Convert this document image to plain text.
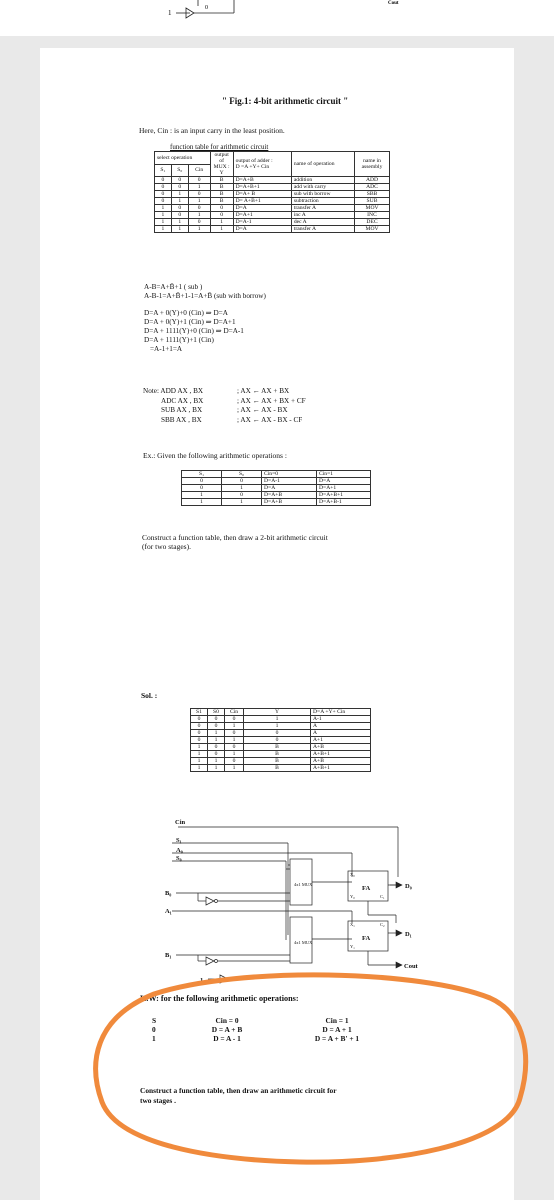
1
0
Cout
" Fig.1: 4-bit arithmetic circuit "
Here, Cin : is an input carry in the least position.
function table for arithmetic circuit
select operation			output of MUX : Y	output of adder :
D =A +Y+ Cin	name of operation	name in assembly
S₁	S₀	Cin				
0	0	0	B	D=A+B	addition	ADD
0	0	1	B	D=A+B+1	add with carry	ADC
0	1	0	B̄	D=A+ B̄	sub with borrow	SBB
0	1	1	B̄	D= A+B̄+1	subtraction	SUB
1	0	0	0	D=A	transfer A	MOV
1	0	1	0	D=A+1	inc A	INC
1	1	0	1	D=A-1	dec A	DEC
1	1	1	1	D=A	transfer A	MOV
A-B=A+B̄+1 ( sub )
A-B-1=A+B̄+1-1=A+B̄ (sub with borrow)
D=A + 0(Y)+0 (Cin) ⇒ D=A
D=A + 0(Y)+1 (Cin) ⇒ D=A+1
D=A + 1111(Y)+0 (Cin) ⇒ D=A-1
D=A + 1111(Y)+1 (Cin)
=A-1+1=A
Note: ADD AX , BX	; AX ← AX + BX
ADC AX , BX	; AX ← AX + BX + CF
SUB AX , BX	; AX ← AX - BX
SBB AX , BX	; AX ← AX - BX - CF
Ex.: Given the following arithmetic operations :
S₁	S₀	Cin=0	Cin=1
0	0	D=A-1	D=A
0	1	D=A	D=A+1
1	0	D=A+B	D=A+B+1
1	1	D=A+B̄	D=A+B̄-1
Construct a function table, then draw a 2-bit arithmetic circuit
(for two stages).
Sol. :
S1	S0	Cin	Y	D=A +Y+ Cin
0	0	0	1	A-1
0	0	1	1	A
0	1	0	0	A
0	1	1	0	A+1
1	0	0	B	A+B
1	0	1	B	A+B+1
1	1	0	B̄	A+B̄
1	1	1	B̄	A+B̄+1
Cin
S₁
A₀
S₀
B₀
A₁
B₁
FA
FA
D₀
D₁
Cout
1
4x1 MUX
4x1 MUX
X₀
Y₀	C₁
X₁
Y₁
C₂
H.W: for the following arithmetic operations:
S	Cin = 0	Cin = 1
0	D = A + B	D = A + 1
1	D = A - 1	D = A + B' + 1
Construct a function table, then draw an arithmetic circuit for
two stages .
